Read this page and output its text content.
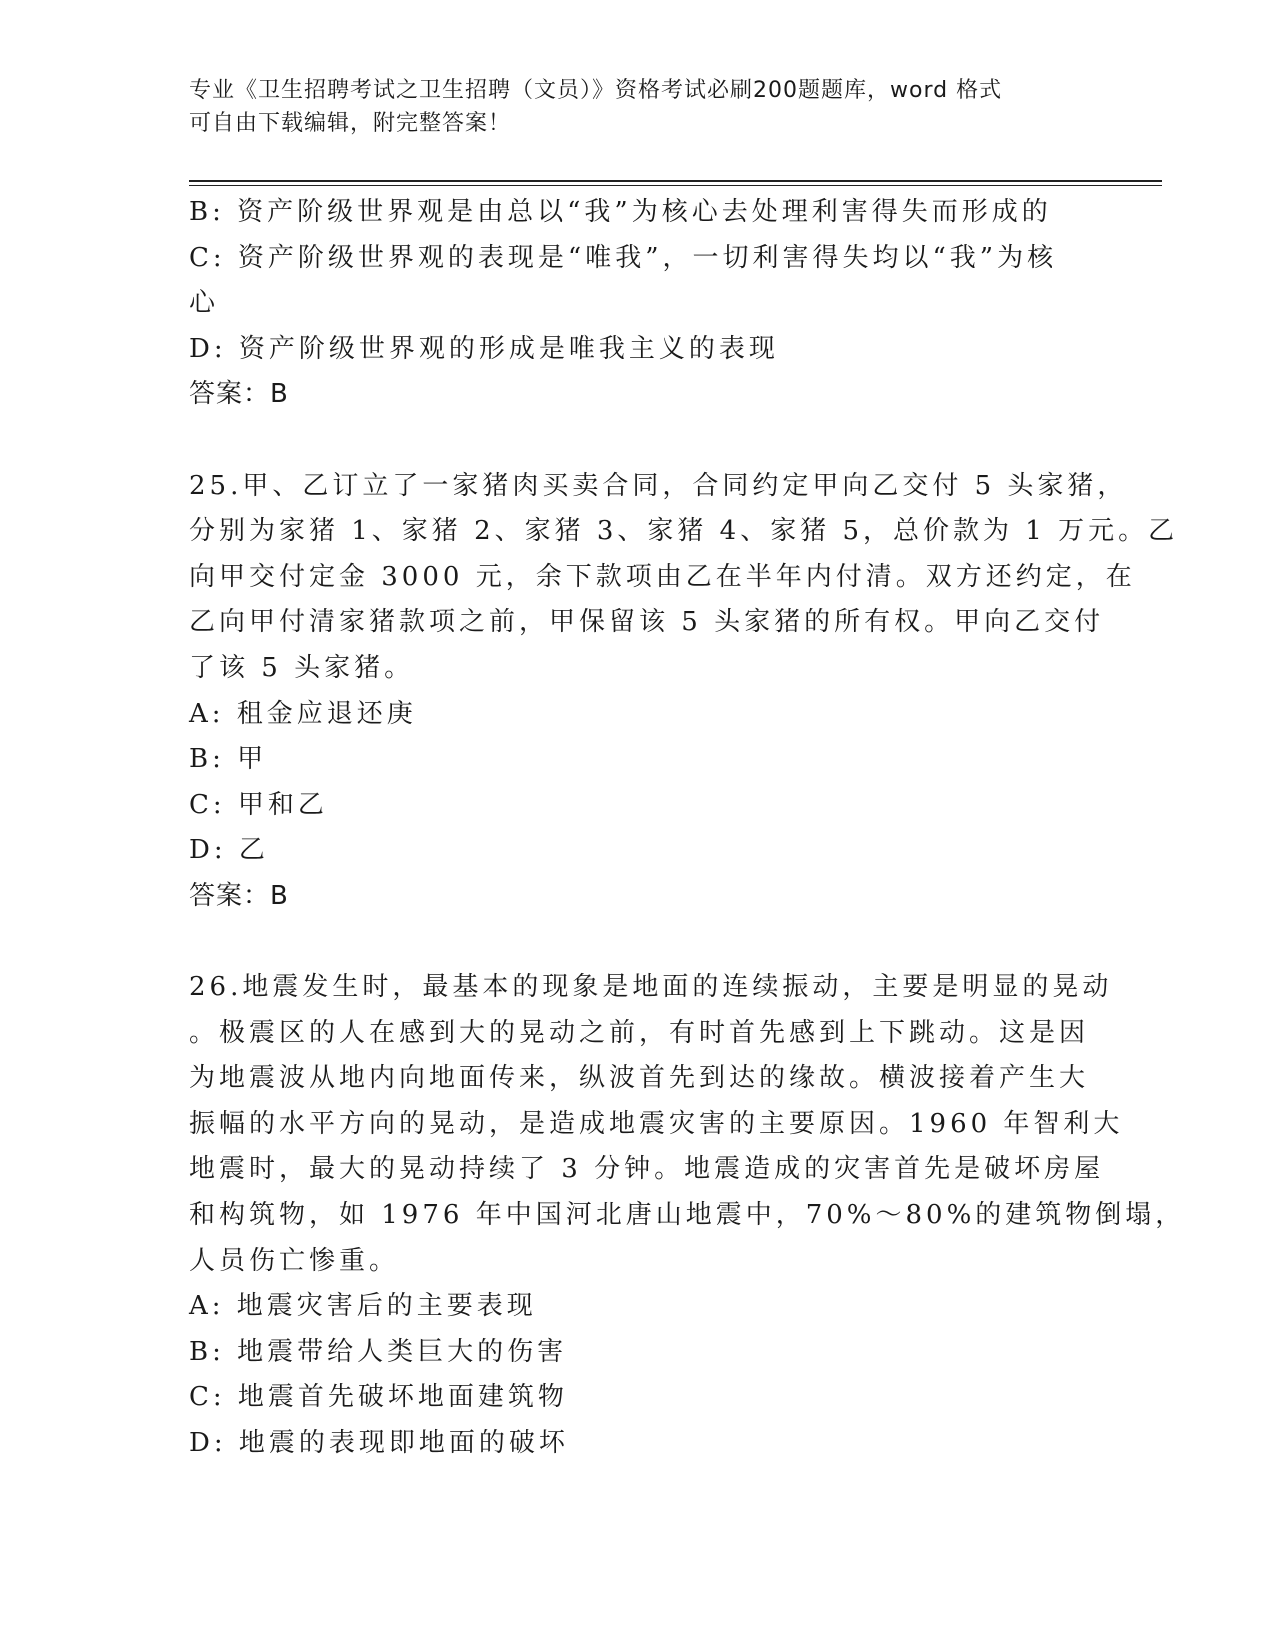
专业《卫生招聘考试之卫生招聘（文员）》资格考试必刷200题题库，word 格式
可自由下载编辑，附完整答案！
B: 资产阶级世界观是由总以“我”为核心去处理利害得失而形成的
C: 资产阶级世界观的表现是“唯我”，一切利害得失均以“我”为核
心
D: 资产阶级世界观的形成是唯我主义的表现
答案：B
25.甲、乙订立了一家猪肉买卖合同，合同约定甲向乙交付 5 头家猪，
分别为家猪 1、家猪 2、家猪 3、家猪 4、家猪 5，总价款为 1 万元。乙
向甲交付定金 3000 元，余下款项由乙在半年内付清。双方还约定，在
乙向甲付清家猪款项之前，甲保留该 5 头家猪的所有权。甲向乙交付
了该 5 头家猪。
A: 租金应退还庚
B: 甲
C: 甲和乙
D: 乙
答案：B
26.地震发生时，最基本的现象是地面的连续振动，主要是明显的晃动
。极震区的人在感到大的晃动之前，有时首先感到上下跳动。这是因
为地震波从地内向地面传来，纵波首先到达的缘故。横波接着产生大
振幅的水平方向的晃动，是造成地震灾害的主要原因。1960 年智利大
地震时，最大的晃动持续了 3 分钟。地震造成的灾害首先是破坏房屋
和构筑物，如 1976 年中国河北唐山地震中，70%～80%的建筑物倒塌，
人员伤亡惨重。
A: 地震灾害后的主要表现
B: 地震带给人类巨大的伤害
C: 地震首先破坏地面建筑物
D: 地震的表现即地面的破坏
